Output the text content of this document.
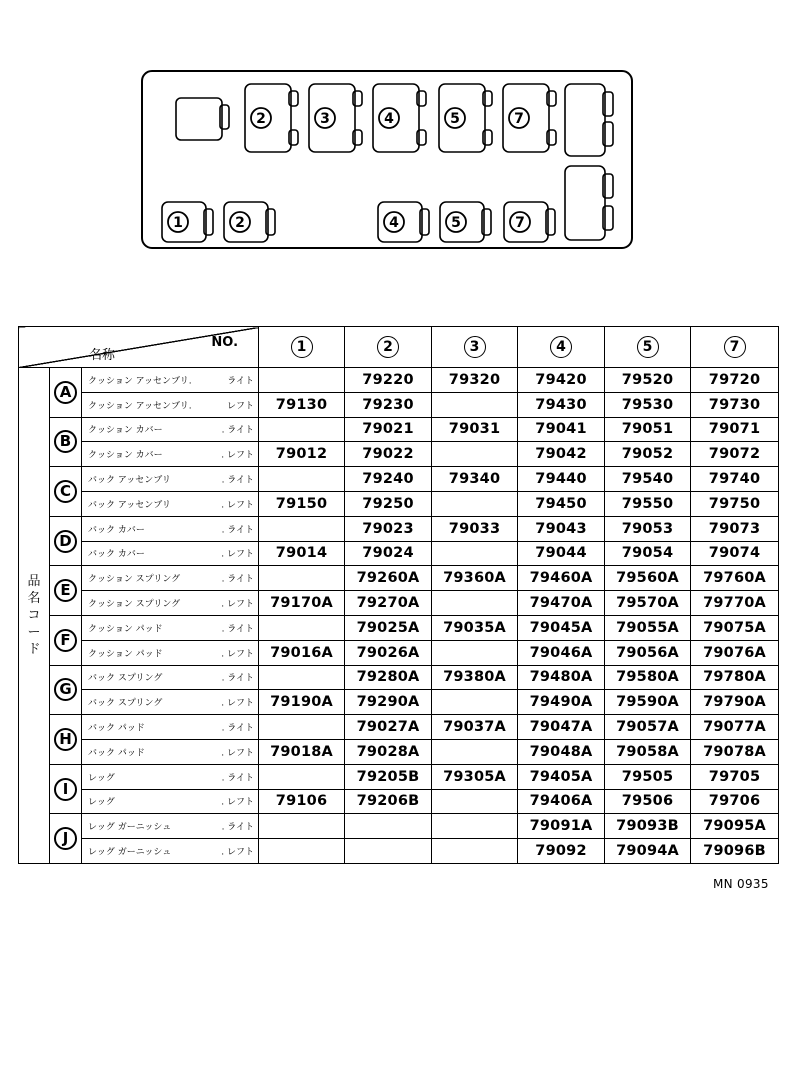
2	3	4	5	7
1	2	4	5	7
NO.
名称			1	2	3	4	5	7

品
名
コ
ー
ド	A	クッション アッセンブリ. ライト		79220	79320	79420	79520	79720

		クッション アッセンブリ. レフト	79130	79230		79430	79530	79730
	B	クッション カバー . ライト		79021	79031	79041	79051	79071

		クッション カバー . レフト	79012	79022		79042	79052	79072
	C	バック アッセンブリ . ライト		79240	79340	79440	79540	79740

		バック アッセンブリ . レフト	79150	79250		79450	79550	79750
	D	バック カバー . ライト		79023	79033	79043	79053	79073

		バック カバー . レフト	79014	79024		79044	79054	79074
	E	クッション スプリング . ライト		79260A	79360A	79460A	79560A	79760A

		クッション スプリング . レフト	79170A	79270A		79470A	79570A	79770A
	F	クッション パッド . ライト		79025A	79035A	79045A	79055A	79075A

		クッション パッド . レフト	79016A	79026A		79046A	79056A	79076A
	G	バック スプリング . ライト		79280A	79380A	79480A	79580A	79780A

		バック スプリング . レフト	79190A	79290A		79490A	79590A	79790A
	H	バック パッド . ライト		79027A	79037A	79047A	79057A	79077A

		バック パッド . レフト	79018A	79028A		79048A	79058A	79078A
	I	レッグ . ライト		79205B	79305A	79405A	79505	79705

		レッグ . レフト	79106	79206B		79406A	79506	79706
	J	レッグ ガーニッシュ . ライト				79091A	79093B	79095A

		レッグ ガーニッシュ . レフト				79092	79094A	79096B
MN 0935
